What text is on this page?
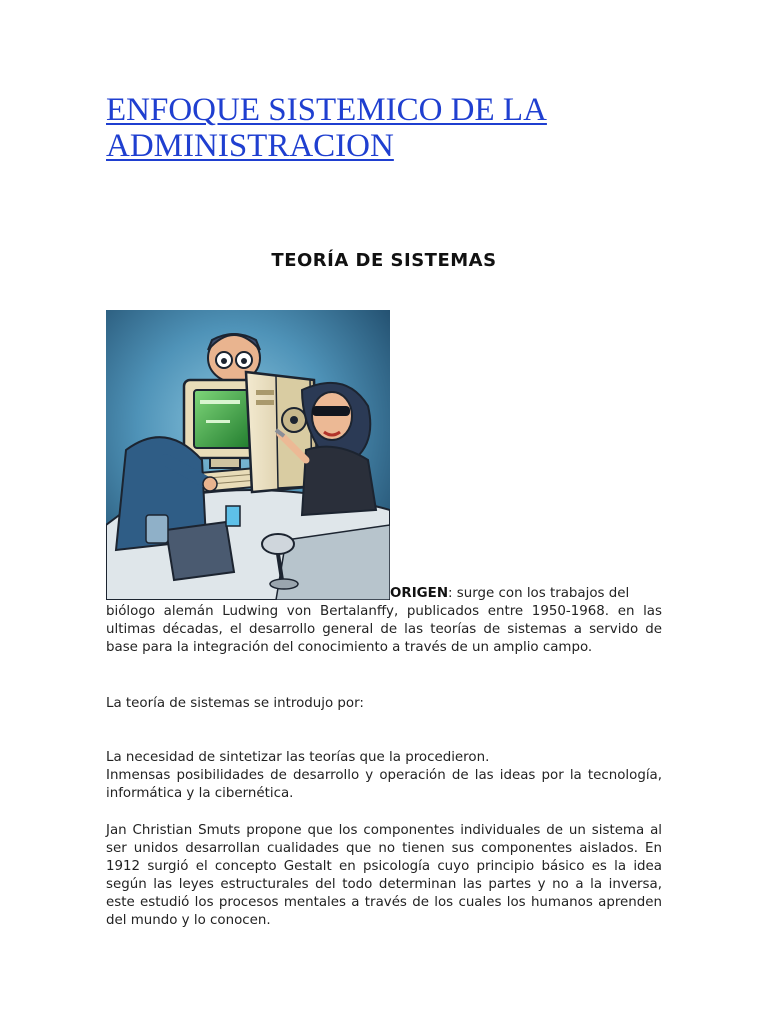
ENFOQUE SISTEMICO DE LA
ADMINISTRACION
TEORÍA DE SISTEMAS
ORIGEN: surge con los trabajos del
biólogo alemán Ludwing von Bertalanffy, publicados entre 1950-1968. en las ultimas décadas, el desarrollo general de las teorías de sistemas a servido de base para la integración del conocimiento a través de un amplio campo.

La teoría de sistemas se introdujo por:

La necesidad de sintetizar las teorías que la procedieron.
Inmensas posibilidades de desarrollo y operación de las ideas por la tecnología, informática y la cibernética.

Jan Christian Smuts propone que los componentes individuales de un sistema al ser unidos desarrollan cualidades que no tienen sus componentes aislados. En 1912 surgió el concepto Gestalt en psicología cuyo principio básico es la idea según las leyes estructurales del todo determinan las partes y no a la inversa, este estudió los procesos mentales a través de los cuales los humanos aprenden del mundo y lo conocen.
